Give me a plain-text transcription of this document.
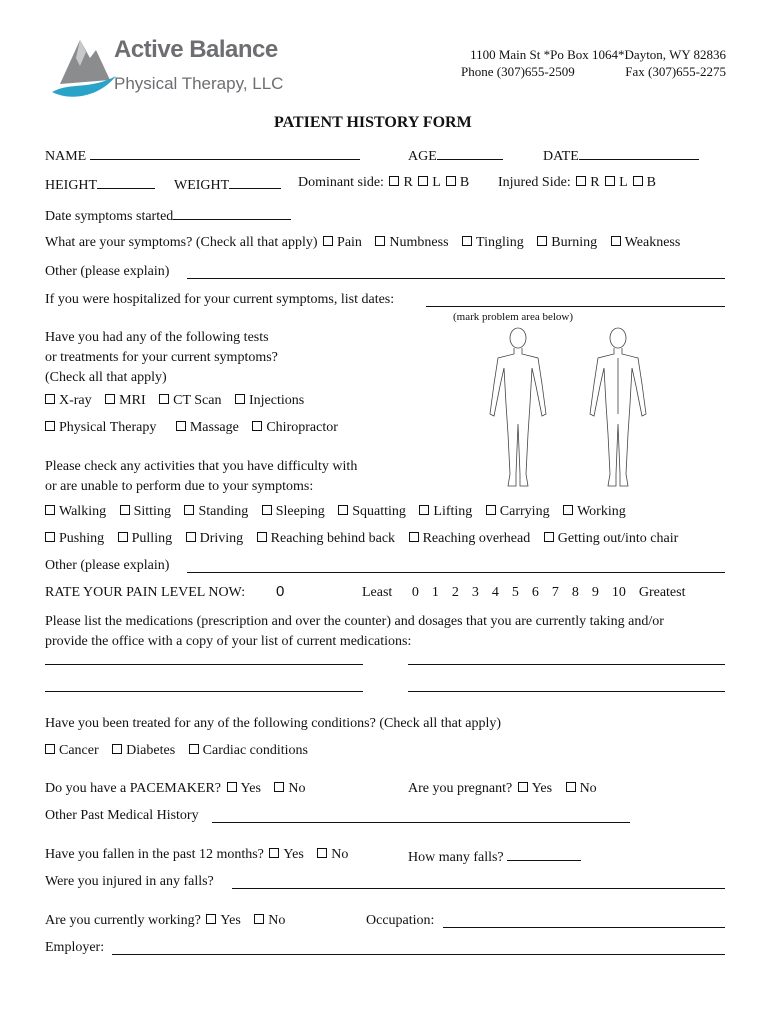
Active Balance
Physical Therapy, LLC
1100 Main St *Po Box 1064*Dayton, WY 82836
Phone (307)655-2509	Fax (307)655-2275
PATIENT HISTORY FORM
NAME	AGE	DATE
HEIGHT	WEIGHT	Dominant side: R L B Injured Side: R L B
Date symptoms started
What are your symptoms? (Check all that apply) Pain Numbness Tingling Burning Weakness
Other (please explain)
If you were hospitalized for your current symptoms, list dates:
(mark problem area below)
Have you had any of the following tests
or treatments for your current symptoms?
(Check all that apply)
X-ray MRI CT Scan Injections
Physical Therapy Massage Chiropractor
Please check any activities that you have difficulty with
or are unable to perform due to your symptoms:
Walking Sitting Standing Sleeping Squatting Lifting Carrying Working
Pushing Pulling Driving Reaching behind back Reaching overhead Getting out/into chair
Other (please explain)
RATE YOUR PAIN LEVEL NOW: 0	Least 0 1 2 3 4 5 6 7 8 9 10 Greatest
Please list the medications (prescription and over the counter) and dosages that you are currently taking and/or
provide the office with a copy of your list of current medications:
Have you been treated for any of the following conditions? (Check all that apply)
Cancer Diabetes Cardiac conditions
Do you have a PACEMAKER? Yes No	Are you pregnant? Yes No
Other Past Medical History
Have you fallen in the past 12 months? Yes No	How many falls?
Were you injured in any falls?
Are you currently working? Yes No	Occupation:
Employer:
